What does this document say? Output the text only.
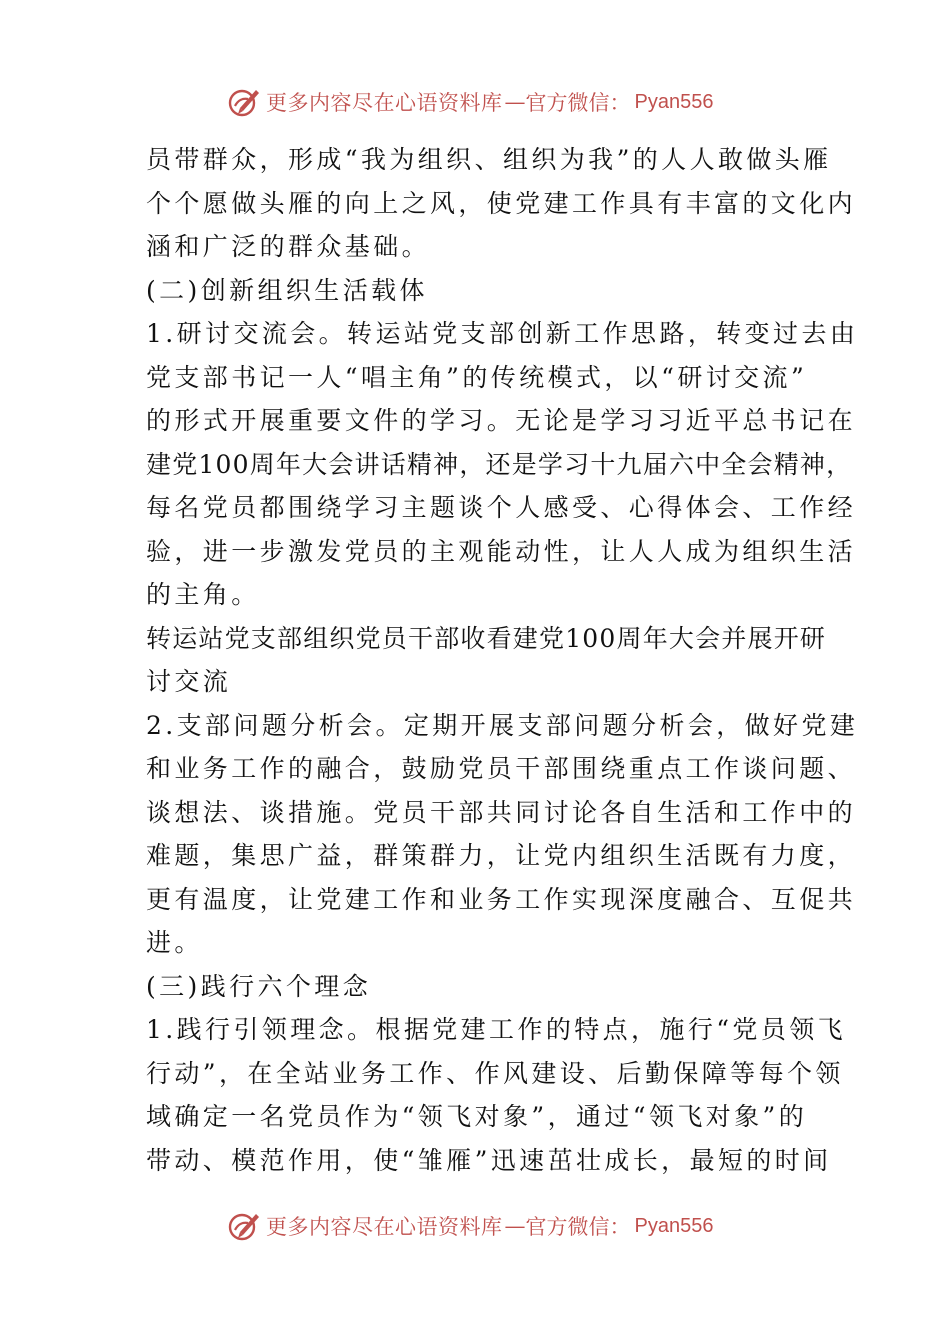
更多内容尽在心语资料库 — 官方微信： Pyan556
员带群众，形成“我为组织、组织为我”的人人敢做头雁
个个愿做头雁的向上之风，使党建工作具有丰富的文化内
涵和广泛的群众基础。
(二)创新组织生活载体
1.研讨交流会。转运站党支部创新工作思路，转变过去由
党支部书记一人“唱主角”的传统模式，以“研讨交流”
的形式开展重要文件的学习。无论是学习习近平总书记在
建党100周年大会讲话精神，还是学习十九届六中全会精神，
每名党员都围绕学习主题谈个人感受、心得体会、工作经
验，进一步激发党员的主观能动性，让人人成为组织生活
的主角。
转运站党支部组织党员干部收看建党100周年大会并展开研
讨交流
2.支部问题分析会。定期开展支部问题分析会，做好党建
和业务工作的融合，鼓励党员干部围绕重点工作谈问题、
谈想法、谈措施。党员干部共同讨论各自生活和工作中的
难题，集思广益，群策群力，让党内组织生活既有力度，
更有温度，让党建工作和业务工作实现深度融合、互促共
进。
(三)践行六个理念
1.践行引领理念。根据党建工作的特点，施行“党员领飞
行动”，在全站业务工作、作风建设、后勤保障等每个领
域确定一名党员作为“领飞对象”，通过“领飞对象”的
带动、模范作用，使“雏雁”迅速茁壮成长，最短的时间
更多内容尽在心语资料库 — 官方微信： Pyan556
